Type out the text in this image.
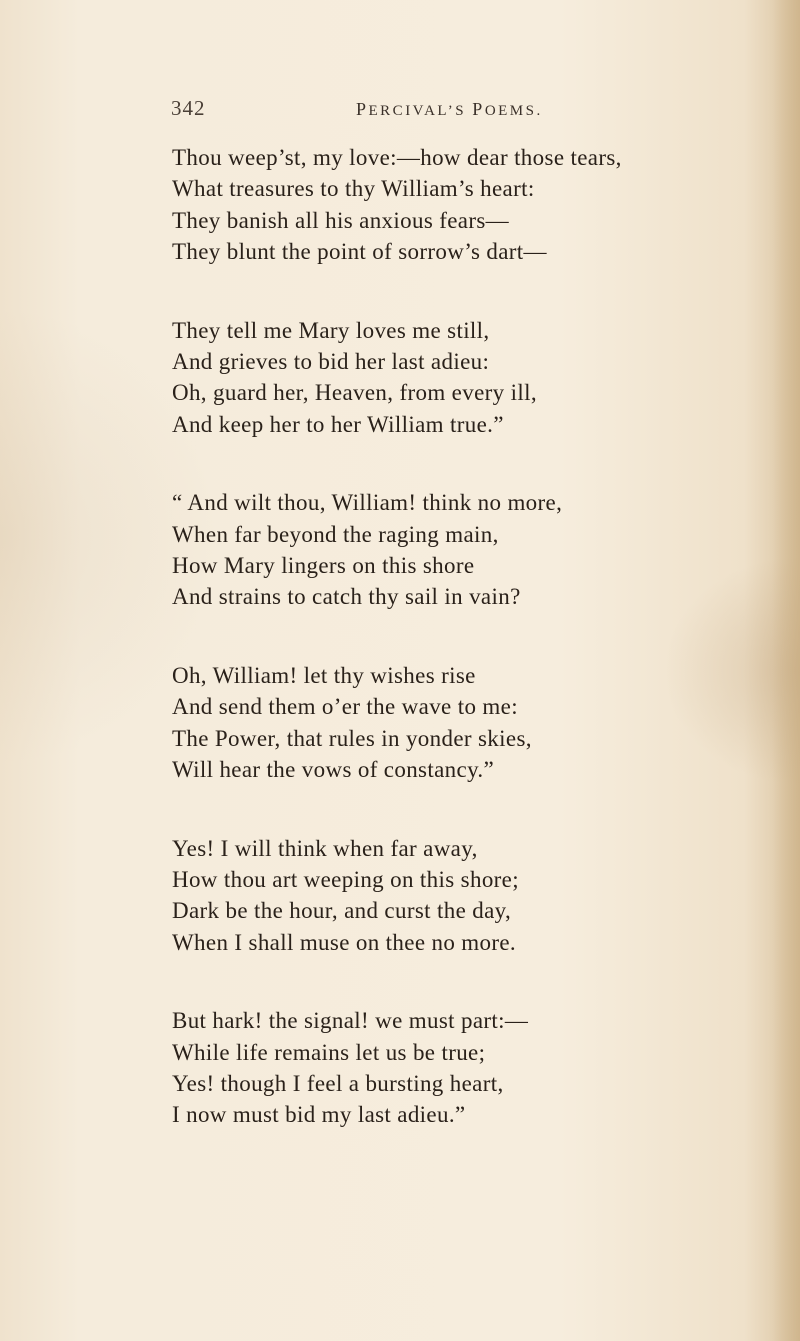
342	PERCIVAL’S POEMS.
Thou weep’st, my love:—how dear those tears,
What treasures to thy William’s heart:
They banish all his anxious fears—
They blunt the point of sorrow’s dart—
They tell me Mary loves me still,
And grieves to bid her last adieu:
Oh, guard her, Heaven, from every ill,
And keep her to her William true.”
“ And wilt thou, William! think no more,
When far beyond the raging main,
How Mary lingers on this shore
And strains to catch thy sail in vain?
Oh, William! let thy wishes rise
And send them o’er the wave to me:
The Power, that rules in yonder skies,
Will hear the vows of constancy.”
Yes! I will think when far away,
How thou art weeping on this shore;
Dark be the hour, and curst the day,
When I shall muse on thee no more.
But hark! the signal! we must part:—
While life remains let us be true;
Yes! though I feel a bursting heart,
I now must bid my last adieu.”
